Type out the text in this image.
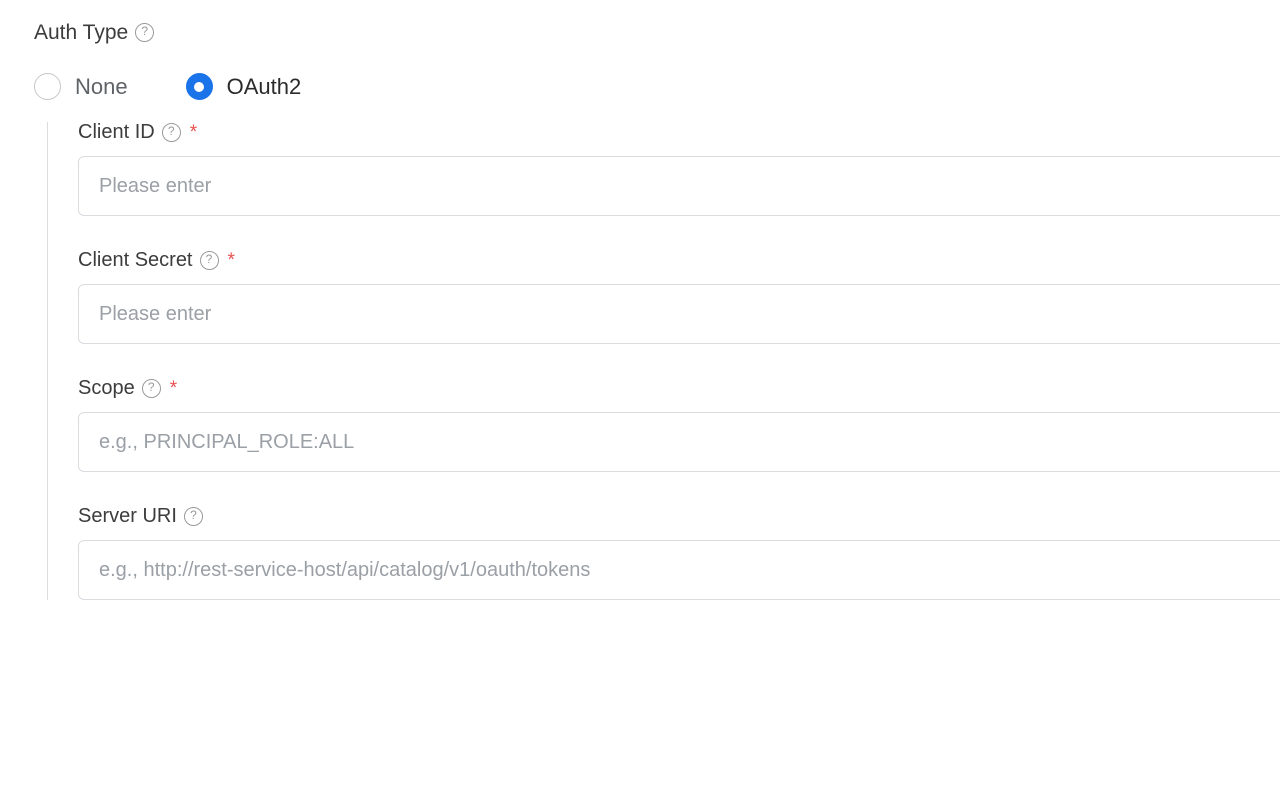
Auth Type	?
None	OAuth2
Client ID	? *
Please enter
Client Secret	? *
Please enter
Scope	? *
e.g., PRINCIPAL_ROLE:ALL
Server URI	?
e.g., http://rest-service-host/api/catalog/v1/oauth/tokens
